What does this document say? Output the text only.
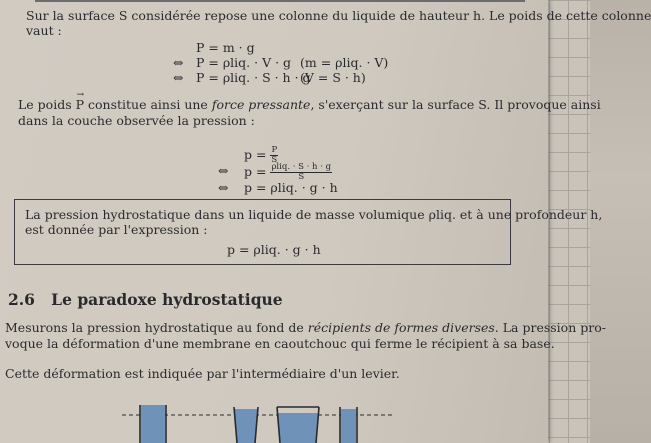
Sur la surface S considérée repose une colonne du liquide de hauteur h. Le poids de cette colonne
vaut :
P = m · g
⇔ P = ρliq. · V · g (m = ρliq. · V)
⇔ P = ρliq. · S · h · g
(V = S · h)
Le poids
→
P constitue ainsi une force pressante, s'exerçant sur la surface S. Il provoque ainsi
dans la couche observée la pression :
$p = \frac{P}{S}$
⇔ $p = \frac{\text{ρliq. · S · h · g}}{S}$
⇔ p = ρliq. · g · h
La pression hydrostatique dans un liquide de masse volumique ρliq. et à une profondeur h,
est donnée par l'expression :
p = ρliq. · g · h
2.6 Le paradoxe hydrostatique
Mesurons la pression hydrostatique au fond de récipients de formes diverses. La pression pro-
voque la déformation d'une membrane en caoutchouc qui ferme le récipient à sa base.
Cette déformation est indiquée par l'intermédiaire d'un levier.
